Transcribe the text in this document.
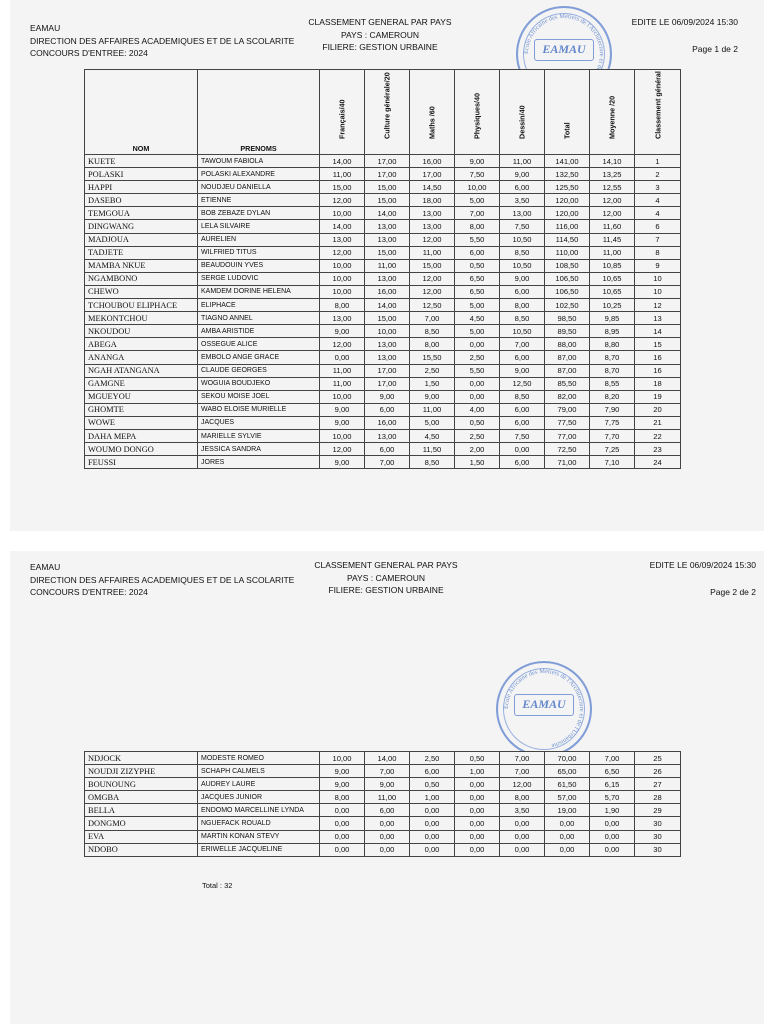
EAMAU
DIRECTION DES AFFAIRES ACADEMIQUES ET DE LA SCOLARITE
CONCOURS D'ENTREE: 2024
CLASSEMENT GENERAL PAR PAYS
PAYS : CAMEROUN
FILIERE: GESTION URBAINE
EDITE LE 06/09/2024 15:30
Page 1 de 2
EAMAU
Ecole Africaine des Métiers de l'Architecture et d
NOM	PRENOMS	Français/40	Culture générale/20	Maths /60	Physiques/40	Dessin/40	Total	Moyenne /20	Classement général

KUETE	TAWOUM FABIOLA	14,00	17,00	16,00	9,00	11,00	141,00	14,10	1
POLASKI	POLASKI ALEXANDRE	11,00	17,00	17,00	7,50	9,00	132,50	13,25	2
HAPPI	NOUDJEU DANIELLA	15,00	15,00	14,50	10,00	6,00	125,50	12,55	3
DASEBO	ETIENNE	12,00	15,00	18,00	5,00	3,50	120,00	12,00	4
TEMGOUA	BOB ZEBAZE DYLAN	10,00	14,00	13,00	7,00	13,00	120,00	12,00	4
DINGWANG	LELA SILVAIRE	14,00	13,00	13,00	8,00	7,50	116,00	11,60	6
MADJOUA	AURELIEN	13,00	13,00	12,00	5,50	10,50	114,50	11,45	7
TADJETE	WILFRIED TITUS	12,00	15,00	11,00	6,00	8,50	110,00	11,00	8
MAMBA NKUE	BEAUDOUIN YVES	10,00	11,00	15,00	0,50	10,50	108,50	10,85	9
NGAMBONO	SERGE LUDOVIC	10,00	13,00	12,00	6,50	9,00	106,50	10,65	10
CHEWO	KAMDEM DORINE HELENA	10,00	16,00	12,00	6,50	6,00	106,50	10,65	10
TCHOUBOU ELIPHACE	ELIPHACE	8,00	14,00	12,50	5,00	8,00	102,50	10,25	12
MEKONTCHOU	TIAGNO ANNEL	13,00	15,00	7,00	4,50	8,50	98,50	9,85	13
NKOUDOU	AMBA ARISTIDE	9,00	10,00	8,50	5,00	10,50	89,50	8,95	14
ABEGA	OSSEGUE ALICE	12,00	13,00	8,00	0,00	7,00	88,00	8,80	15
ANANGA	EMBOLO ANGE GRACE	0,00	13,00	15,50	2,50	6,00	87,00	8,70	16
NGAH ATANGANA	CLAUDE GEORGES	11,00	17,00	2,50	5,50	9,00	87,00	8,70	16
GAMGNE	WOGUIA BOUDJEKO	11,00	17,00	1,50	0,00	12,50	85,50	8,55	18
MGUEYOU	SEKOU MOISE JOEL	10,00	9,00	9,00	0,00	8,50	82,00	8,20	19
GHOMTE	WABO ELOISE MURIELLE	9,00	6,00	11,00	4,00	6,00	79,00	7,90	20
WOWE	JACQUES	9,00	16,00	5,00	0,50	6,00	77,50	7,75	21
DAHA MEPA	MARIELLE SYLVIE	10,00	13,00	4,50	2,50	7,50	77,00	7,70	22
WOUMO DONGO	JESSICA SANDRA	12,00	6,00	11,50	2,00	0,00	72,50	7,25	23
FEUSSI	JORES	9,00	7,00	8,50	1,50	6,00	71,00	7,10	24
EAMAU
DIRECTION DES AFFAIRES ACADEMIQUES ET DE LA SCOLARITE
CONCOURS D'ENTREE: 2024
CLASSEMENT GENERAL PAR PAYS
PAYS : CAMEROUN
FILIERE: GESTION URBAINE
EDITE LE 06/09/2024 15:30
Page 2 de 2
EAMAU
Ecole Africaine des Métiers de l'Architecture et de l'Urbanisme
NDJOCK	MODESTE ROMEO	10,00	14,00	2,50	0,50	7,00	70,00	7,00	25
NOUDJI ZIZYPHE	SCHAPH CALMELS	9,00	7,00	6,00	1,00	7,00	65,00	6,50	26
BOUNOUNG	AUDREY LAURE	9,00	9,00	0,50	0,00	12,00	61,50	6,15	27
OMGBA	JACQUES JUNIOR	8,00	11,00	1,00	0,00	8,00	57,00	5,70	28
BELLA	ENDOMO MARCELLINE LYNDA	0,00	6,00	0,00	0,00	3,50	19,00	1,90	29
DONGMO	NGUEFACK ROUALD	0,00	0,00	0,00	0,00	0,00	0,00	0,00	30
EVA	MARTIN KONAN STEVY	0,00	0,00	0,00	0,00	0,00	0,00	0,00	30
NDOBO	ERIWELLE JACQUELINE	0,00	0,00	0,00	0,00	0,00	0,00	0,00	30
Total : 32
